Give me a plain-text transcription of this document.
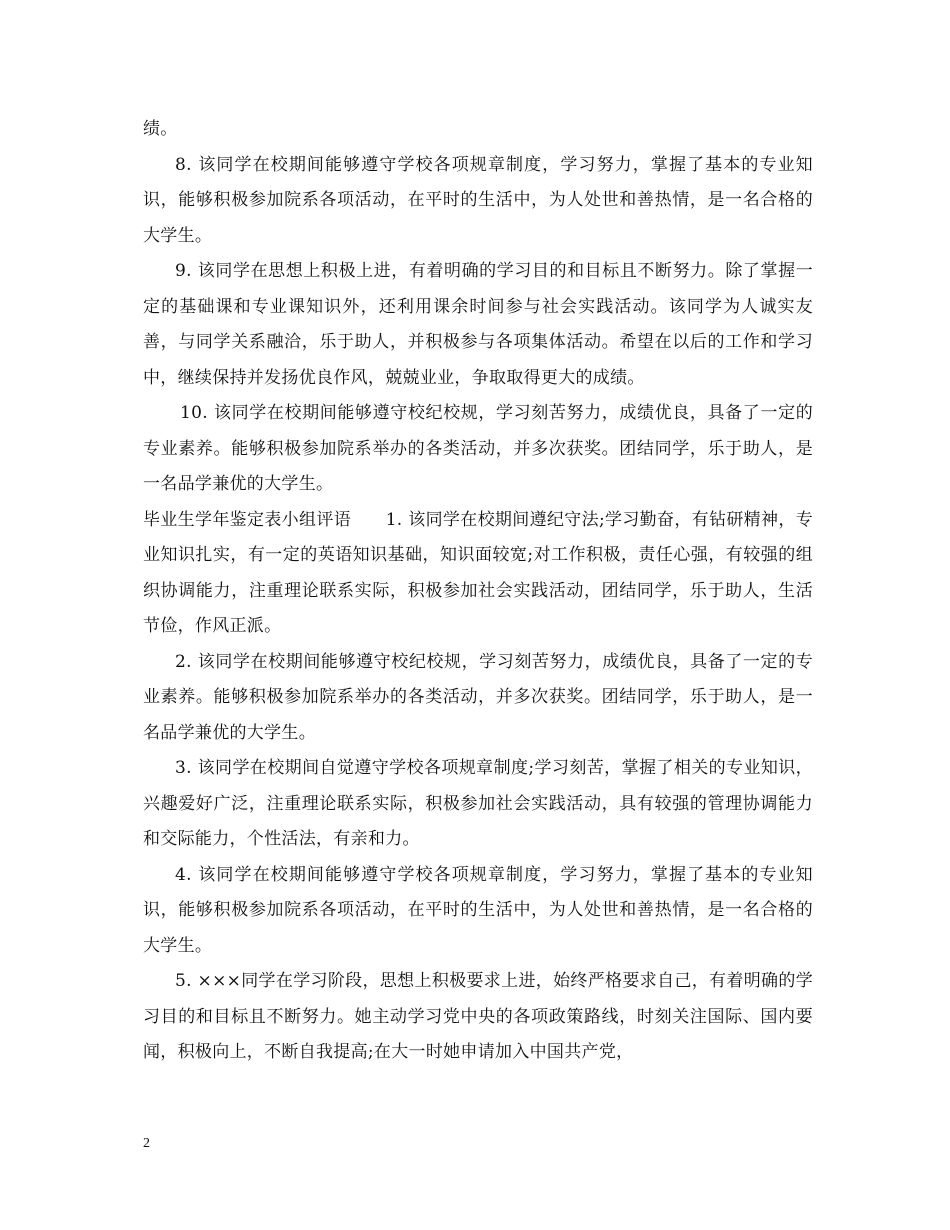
绩。

8. 该同学在校期间能够遵守学校各项规章制度，学习努力，掌握了基本的专业知识，能够积极参加院系各项活动，在平时的生活中，为人处世和善热情，是一名合格的大学生。

9. 该同学在思想上积极上进，有着明确的学习目的和目标且不断努力。除了掌握一定的基础课和专业课知识外，还利用课余时间参与社会实践活动。该同学为人诚实友善，与同学关系融洽，乐于助人，并积极参与各项集体活动。希望在以后的工作和学习中，继续保持并发扬优良作风，兢兢业业，争取取得更大的成绩。

10. 该同学在校期间能够遵守校纪校规，学习刻苦努力，成绩优良，具备了一定的专业素养。能够积极参加院系举办的各类活动，并多次获奖。团结同学，乐于助人，是一名品学兼优的大学生。

毕业生学年鉴定表小组评语　　1. 该同学在校期间遵纪守法;学习勤奋，有钻研精神，专业知识扎实，有一定的英语知识基础，知识面较宽;对工作积极，责任心强，有较强的组织协调能力，注重理论联系实际，积极参加社会实践活动，团结同学，乐于助人，生活节俭，作风正派。

2. 该同学在校期间能够遵守校纪校规，学习刻苦努力，成绩优良，具备了一定的专业素养。能够积极参加院系举办的各类活动，并多次获奖。团结同学，乐于助人，是一名品学兼优的大学生。

3. 该同学在校期间自觉遵守学校各项规章制度;学习刻苦，掌握了相关的专业知识，兴趣爱好广泛，注重理论联系实际，积极参加社会实践活动，具有较强的管理协调能力和交际能力，个性活法，有亲和力。

4. 该同学在校期间能够遵守学校各项规章制度，学习努力，掌握了基本的专业知识，能够积极参加院系各项活动，在平时的生活中，为人处世和善热情，是一名合格的大学生。

5. ×××同学在学习阶段，思想上积极要求上进，始终严格要求自己，有着明确的学习目的和目标且不断努力。她主动学习党中央的各项政策路线，时刻关注国际、国内要闻，积极向上，不断自我提高;在大一时她申请加入中国共产党，

2
